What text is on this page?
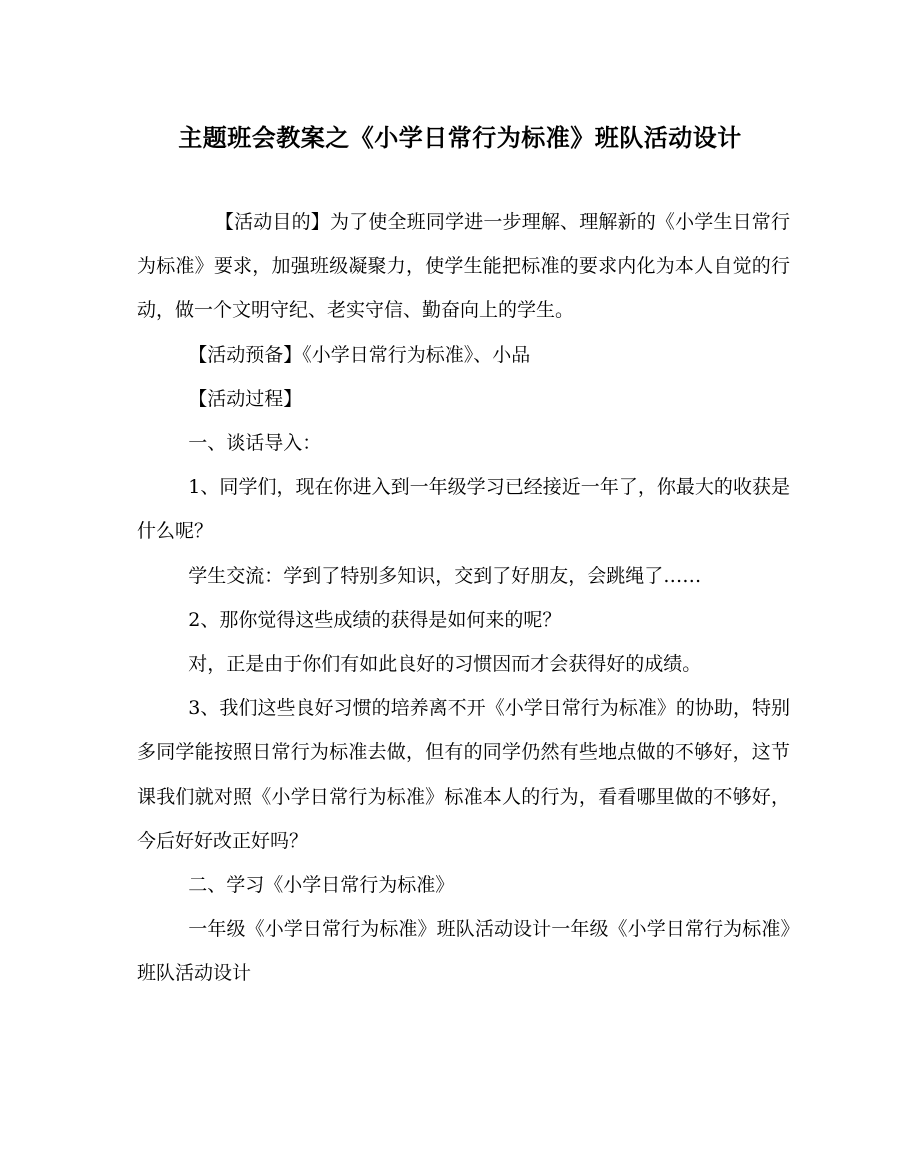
主题班会教案之《小学日常行为标准》班队活动设计

【活动目的】为了使全班同学进一步理解、理解新的《小学生日常行为标准》要求，加强班级凝聚力，使学生能把标准的要求内化为本人自觉的行动，做一个文明守纪、老实守信、勤奋向上的学生。

【活动预备】《小学日常行为标准》、小品

【活动过程】

一、谈话导入：

1、同学们，现在你进入到一年级学习已经接近一年了，你最大的收获是什么呢？

学生交流：学到了特别多知识，交到了好朋友，会跳绳了……

2、那你觉得这些成绩的获得是如何来的呢？

对，正是由于你们有如此良好的习惯因而才会获得好的成绩。

3、我们这些良好习惯的培养离不开《小学日常行为标准》的协助，特别多同学能按照日常行为标准去做，但有的同学仍然有些地点做的不够好，这节课我们就对照《小学日常行为标准》标准本人的行为，看看哪里做的不够好，今后好好改正好吗？

二、学习《小学日常行为标准》

一年级《小学日常行为标准》班队活动设计一年级《小学日常行为标准》班队活动设计
